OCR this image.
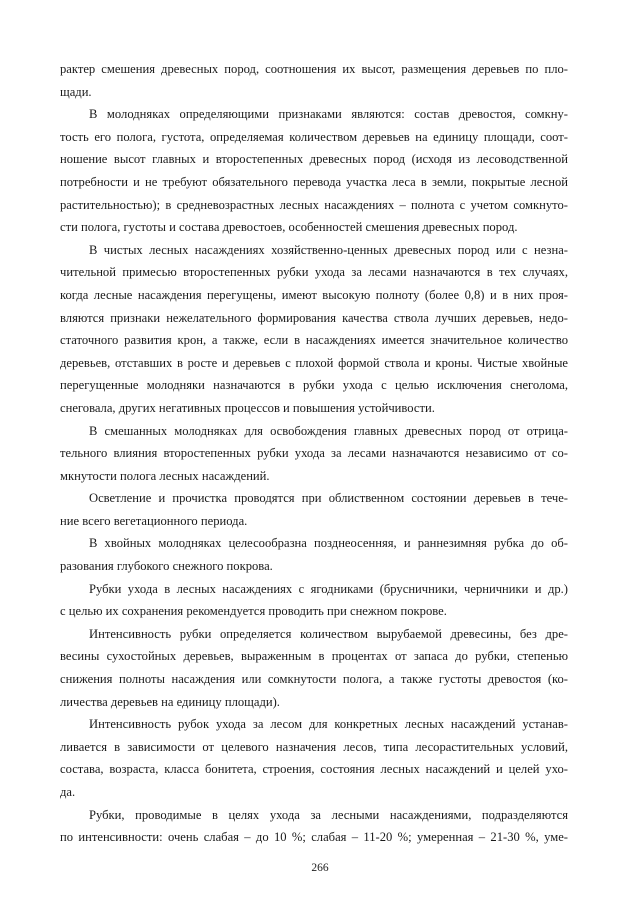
рактер смешения древесных пород, соотношения их высот, размещения деревьев по пло-
щади.
В молодняках определяющими признаками являются: состав древостоя, сомкну-
тость его полога, густота, определяемая количеством деревьев на единицу площади, соот-
ношение высот главных и второстепенных древесных пород (исходя из лесоводственной
потребности и не требуют обязательного перевода участка леса в земли, покрытые лесной
растительностью); в средневозрастных лесных насаждениях – полнота с учетом сомкнуто-
сти полога, густоты и состава древостоев, особенностей смешения древесных пород.
В чистых лесных насаждениях хозяйственно-ценных древесных пород или с незна-
чительной примесью второстепенных рубки ухода за лесами назначаются в тех случаях,
когда лесные насаждения перегущены, имеют высокую полноту (более 0,8) и в них проя-
вляются признаки нежелательного формирования качества ствола лучших деревьев, недо-
статочного развития крон, а также, если в насаждениях имеется значительное количество
деревьев, отставших в росте и деревьев с плохой формой ствола и кроны. Чистые хвойные
перегущенные молодняки назначаются в рубки ухода с целью исключения снеголома,
снеговала, других негативных процессов и повышения устойчивости.
В смешанных молодняках для освобождения главных древесных пород от отрица-
тельного влияния второстепенных рубки ухода за лесами назначаются независимо от со-
мкнутости полога лесных насаждений.
Осветление и прочистка проводятся при облиственном состоянии деревьев в тече-
ние всего вегетационного периода.
В хвойных молодняках целесообразна позднеосенняя, и раннезимняя рубка до об-
разования глубокого снежного покрова.
Рубки ухода в лесных насаждениях с ягодниками (брусничники, черничники и др.)
с целью их сохранения рекомендуется проводить при снежном покрове.
Интенсивность рубки определяется количеством вырубаемой древесины, без дре-
весины сухостойных деревьев, выраженным в процентах от запаса до рубки, степенью
снижения полноты насаждения или сомкнутости полога, а также густоты древостоя (ко-
личества деревьев на единицу площади).
Интенсивность рубок ухода за лесом для конкретных лесных насаждений устанав-
ливается в зависимости от целевого назначения лесов, типа лесорастительных условий,
состава, возраста, класса бонитета, строения, состояния лесных насаждений и целей ухо-
да.
Рубки, проводимые в целях ухода за лесными насаждениями, подразделяются
по интенсивности: очень слабая – до 10 %; слабая – 11-20 %; умеренная – 21-30 %, уме-
266
